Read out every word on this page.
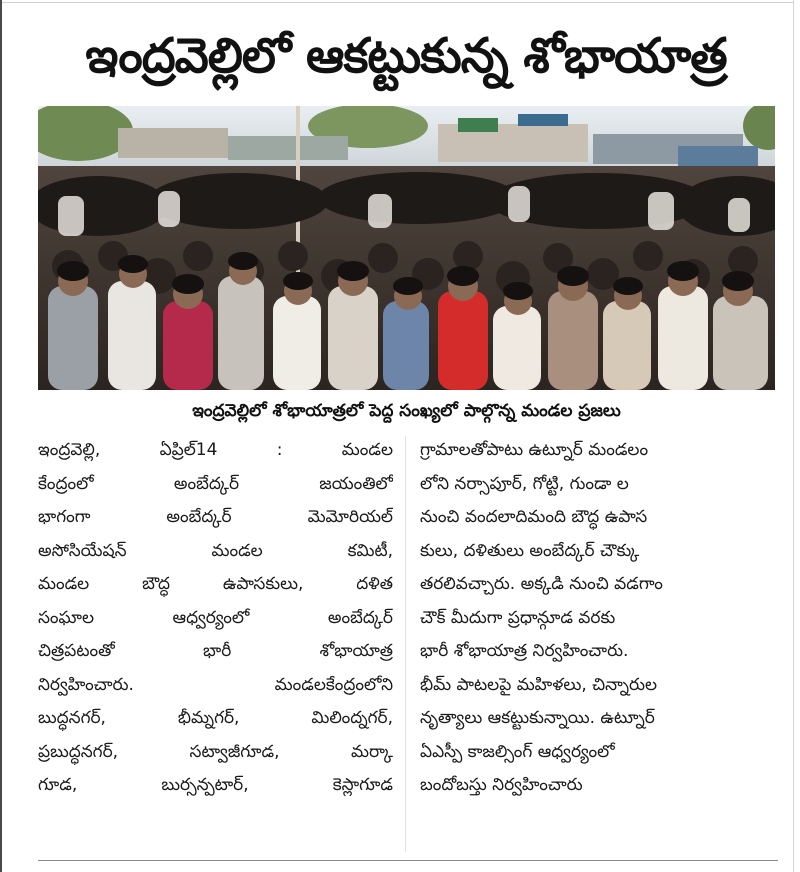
ఇంద్రవెల్లిలో ఆకట్టుకున్న శోభాయాత్ర
ఇంద్రవెల్లిలో శోభాయాత్రలో పెద్ద సంఖ్యలో పాల్గొన్న మండల ప్రజలు
ఇంద్రవెల్లి, ఏప్రిల్14 : మండల
కేంద్రంలో అంబేద్కర్ జయంతిలో
భాగంగా అంబేద్కర్ మెమోరియల్
అసోసియేషన్ మండల కమిటీ,
మండల బౌద్ధ ఉపాసకులు, దళిత
సంఘాల ఆధ్వర్యంలో అంబేద్కర్
చిత్రపటంతో భారీ శోభాయాత్ర
నిర్వహించారు. మండలకేంద్రంలోని
బుద్ధనగర్, భీమ్నగర్, మిలింద్నగర్,
ప్రబుద్ధనగర్, సట్వాజీగూడ, మర్కా
గూడ, బుర్సన్పటార్, కెస్లాగూడ
గ్రామాలతోపాటు ఉట్నూర్ మండలం
లోని నర్సాపూర్, గోట్టి, గుండా ల
నుంచి వందలాదిమంది బౌద్ధ ఉపాస
కులు, దళితులు అంబేద్కర్ చౌక్కు
తరలివచ్చారు. అక్కడి నుంచి వడగాం
చౌక్ మీదుగా ప్రధాన్గూడ వరకు
భారీ శోభాయాత్ర నిర్వహించారు.
భీమ్ పాటలపై మహిళలు, చిన్నారుల
నృత్యాలు ఆకట్టుకున్నాయి. ఉట్నూర్
ఏఎస్పీ కాజల్సింగ్ ఆధ్వర్యంలో
బందోబస్తు నిర్వహించారు
